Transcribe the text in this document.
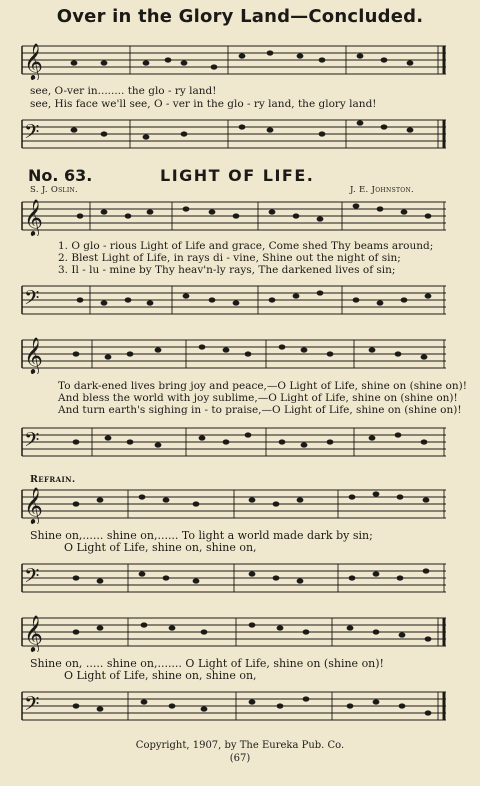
Over in the Glory Land—Concluded.
𝄞
see, O-ver in........ the glo - ry land!
see, His face we'll see, O - ver in the glo - ry land, the glory land!
𝄢
No. 63.	LIGHT OF LIFE.
S. J. Oslin.	J. E. Johnston.
𝄞
1. O glo - rious Light of Life and grace, Come shed Thy beams around;
2. Blest Light of Life, in rays di - vine, Shine out the night of sin;
3. Il - lu - mine by Thy heav'n-ly rays, The darkened lives of sin;
𝄢
𝄞
To dark-ened lives bring joy and peace,—O Light of Life, shine on (shine on)!
And bless the world with joy sublime,—O Light of Life, shine on (shine on)!
And turn earth's sighing in - to praise,—O Light of Life, shine on (shine on)!
𝄢
Refrain.
𝄞
Shine on,...... shine on,...... To light a world made dark by sin;
O Light of Life, shine on, shine on,
𝄢
𝄞
Shine on, ..... shine on,....... O Light of Life, shine on (shine on)!
O Light of Life, shine on, shine on,
𝄢
Copyright, 1907, by The Eureka Pub. Co.
(67)
